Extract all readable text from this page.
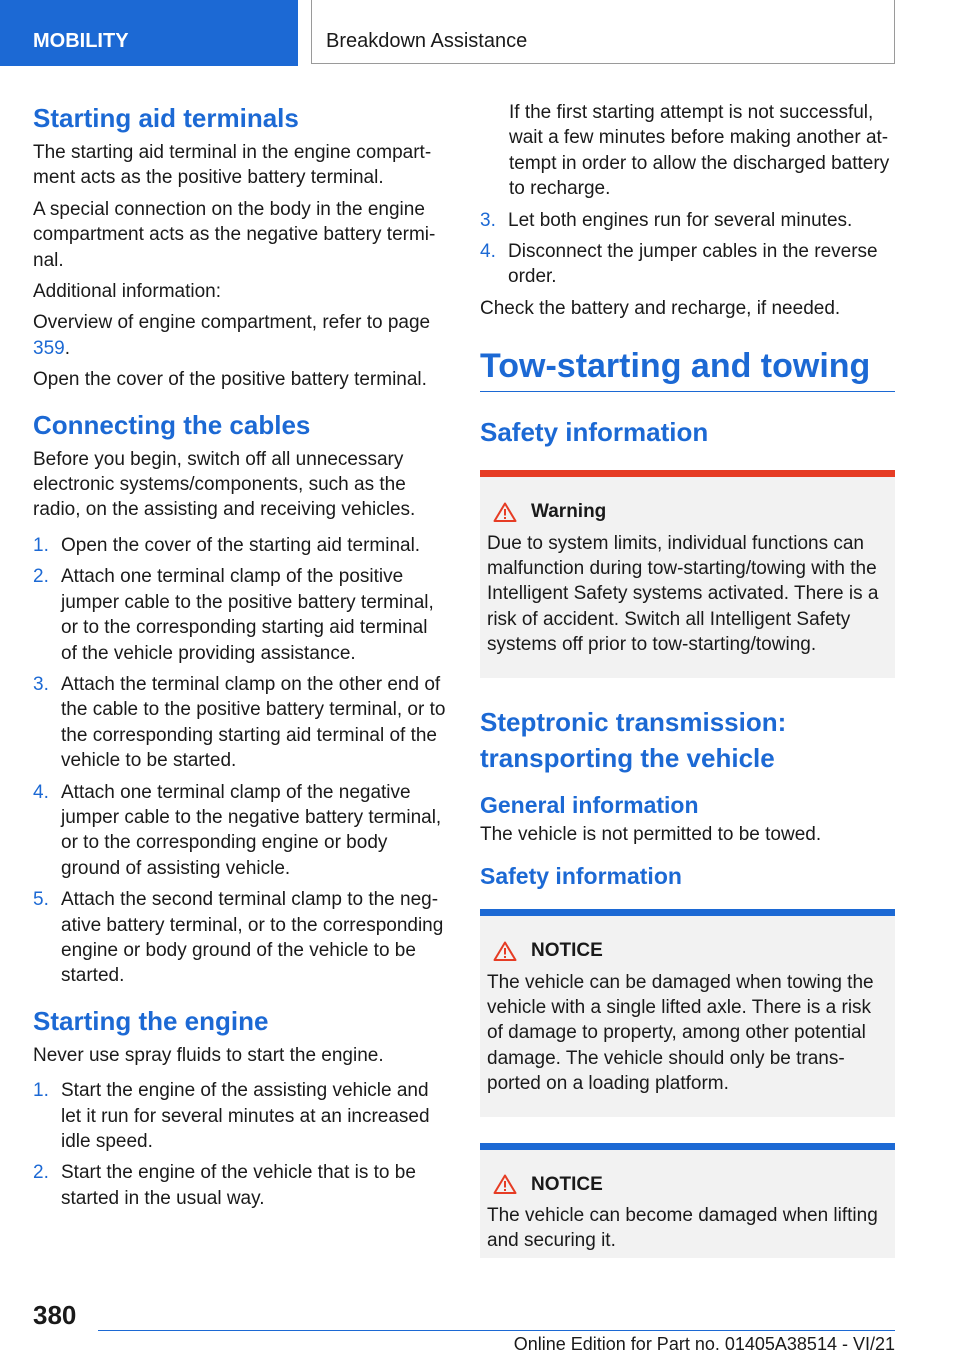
MOBILITY	Breakdown Assistance
Starting aid terminals

The starting aid terminal in the engine compart‐ ment acts as the positive battery terminal.

A special connection on the body in the engine compartment acts as the negative battery termi‐ nal.

Additional information:

Overview of engine compartment, refer to page 359.

Open the cover of the positive battery terminal.

Connecting the cables

Before you begin, switch off all unnecessary electronic systems/components, such as the radio, on the assisting and receiving vehicles.

1. Open the cover of the starting aid terminal.
2. Attach one terminal clamp of the positive jumper cable to the positive battery terminal, or to the corresponding starting aid terminal of the vehicle providing assistance.
3. Attach the terminal clamp on the other end of the cable to the positive battery terminal, or to the corresponding starting aid terminal of the vehicle to be started.
4. Attach one terminal clamp of the negative jumper cable to the negative battery terminal, or to the corresponding engine or body ground of assisting vehicle.
5. Attach the second terminal clamp to the neg‐ ative battery terminal, or to the corresponding engine or body ground of the vehicle to be started.
Starting the engine

Never use spray fluids to start the engine.

1. Start the engine of the assisting vehicle and let it run for several minutes at an increased idle speed.
2. Start the engine of the vehicle that is to be started in the usual way.

If the first starting attempt is not successful, wait a few minutes before making another at‐ tempt in order to allow the discharged battery to recharge.

3. Let both engines run for several minutes.
4. Disconnect the jumper cables in the reverse order.

Check the battery and recharge, if needed.

Tow-starting and towing
Safety information
Warning
Due to system limits, individual functions can malfunction during tow-starting/towing with the Intelligent Safety systems activated. There is a risk of accident. Switch all Intelligent Safety systems off prior to tow-starting/towing.
Steptronic transmission: transporting the vehicle
General information

The vehicle is not permitted to be towed.

Safety information
NOTICE
The vehicle can be damaged when towing the vehicle with a single lifted axle. There is a risk of damage to property, among other potential damage. The vehicle should only be trans‐ ported on a loading platform.
NOTICE
The vehicle can become damaged when lifting and securing it.
380
Online Edition for Part no. 01405A38514 - VI/21
